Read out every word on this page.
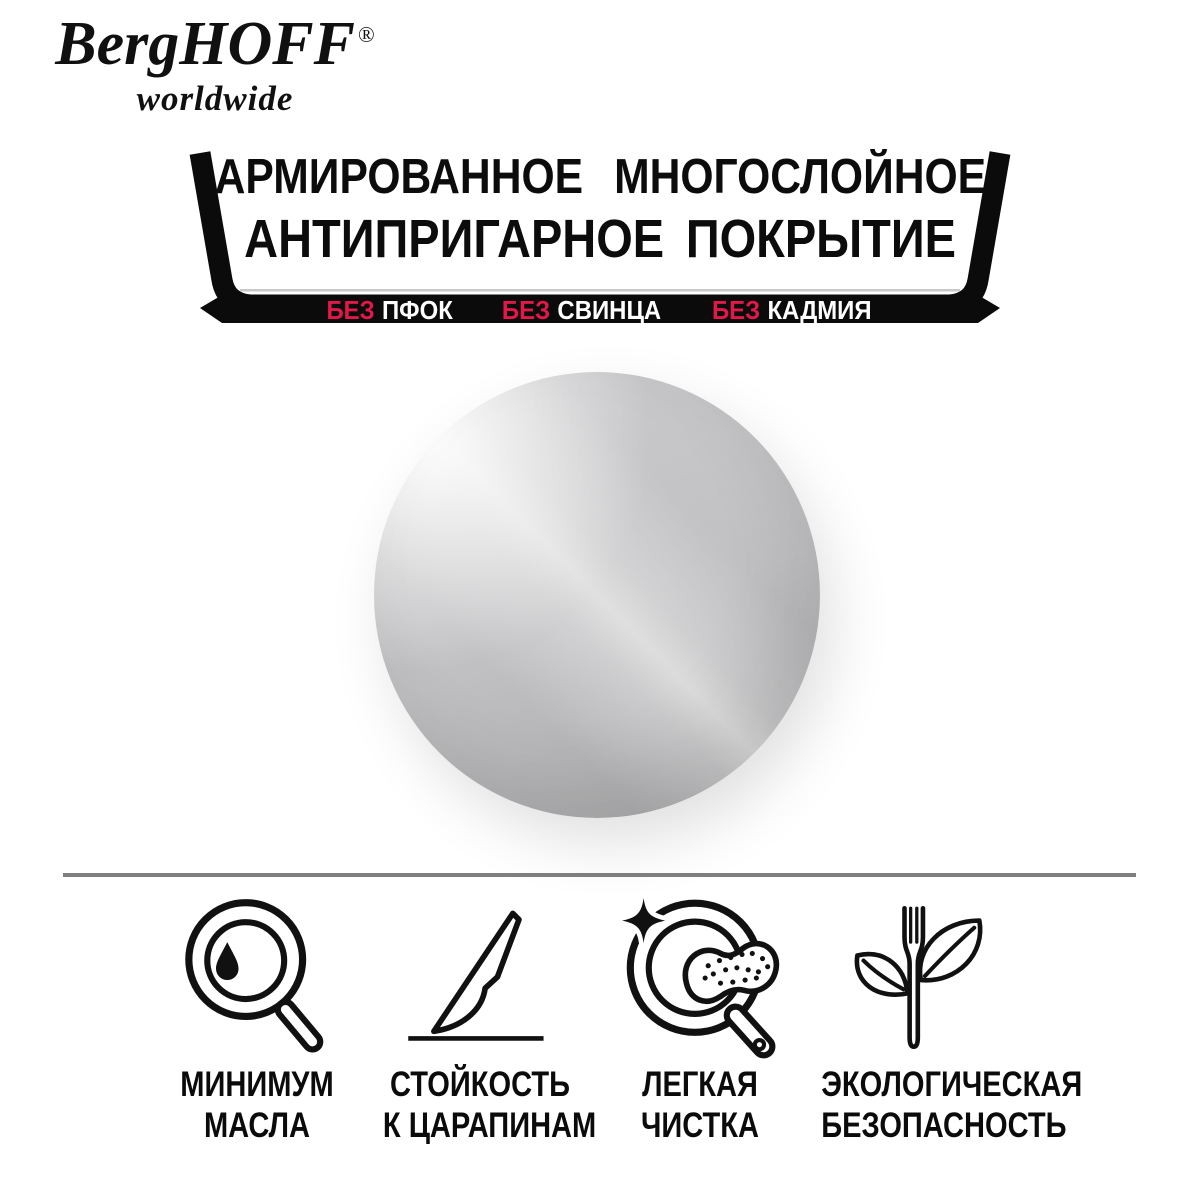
BergHOFF ®
worldwide
АРМИРОВАННОЕ МНОГОСЛОЙНОЕ
АНТИПРИГАРНОЕ ПОКРЫТИЕ
БЕЗ ПФОК БЕЗ СВИНЦА БЕЗ КАДМИЯ
МИНИМУМ
МАСЛА
СТОЙКОСТЬ
К ЦАРАПИНАМ
ЛЕГКАЯ
ЧИСТКА
ЭКОЛОГИЧЕСКАЯ
БЕЗОПАСНОСТЬ
